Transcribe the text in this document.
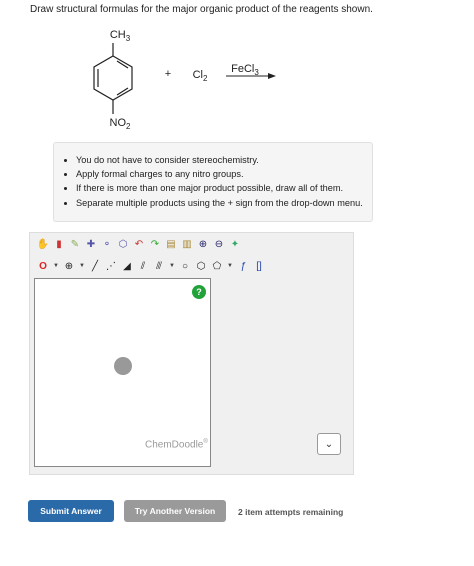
Draw structural formulas for the major organic product of the reagents shown.
$CH_3$
$NO_2$
+ $Cl_2$
FeCl$_3$
• You do not have to consider stereochemistry.
• Apply formal charges to any nitro groups.
• If there is more than one major product possible, draw all of them.
• Separate multiple products using the + sign from the drop-down menu.
✋ ▮ ✎ ✚ ⚬ ⬡ ↶ ↷ ▤ ▥ ⊕ ⊖ ✦
O	▼ ⊕ ▼ ╱ ⋰ ◢ ⫽	⫻	▼ ○ ⬡ ⬠ ▼ ƒ	[]
?
ChemDoodle®	⌄
Submit Answer	Try Another Version	2 item attempts remaining
